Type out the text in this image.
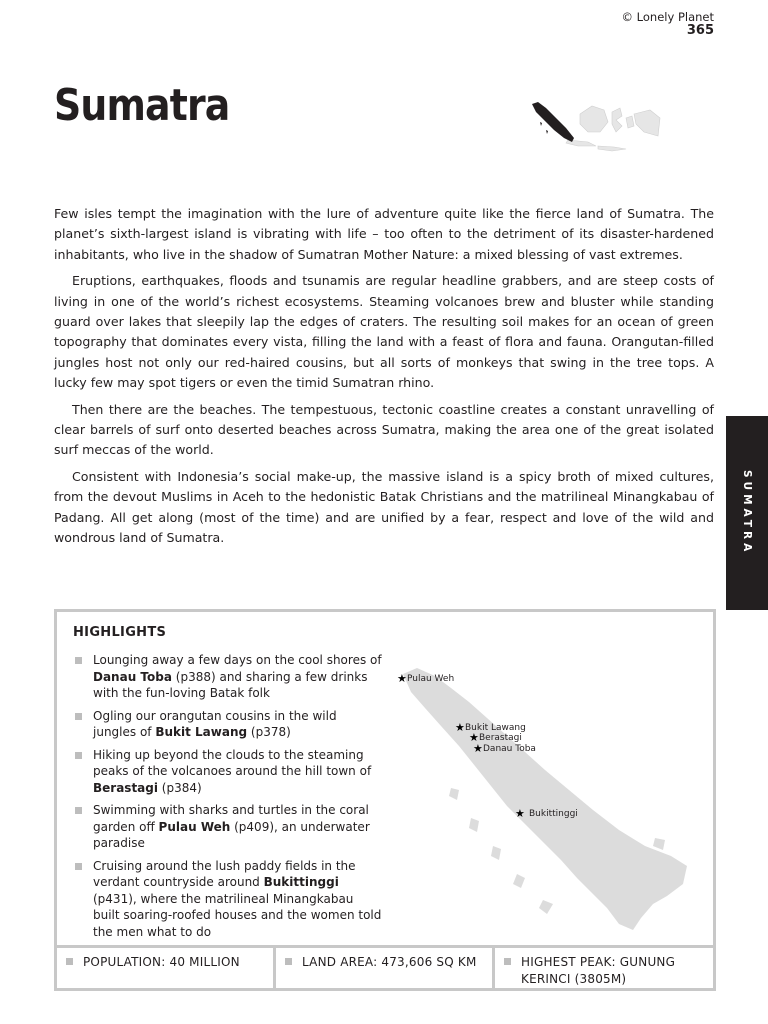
© Lonely Planet
365
Sumatra

Few isles tempt the imagination with the lure of adventure quite like the fierce land of Sumatra. The planet’s sixth-largest island is vibrating with life – too often to the detriment of its disaster-hardened inhabitants, who live in the shadow of Sumatran Mother Nature: a mixed blessing of vast extremes.

Eruptions, earthquakes, floods and tsunamis are regular headline grabbers, and are steep costs of living in one of the world’s richest ecosystems. Steaming volcanoes brew and bluster while standing guard over lakes that sleepily lap the edges of craters. The resulting soil makes for an ocean of green topography that dominates every vista, filling the land with a feast of flora and fauna. Orangutan-filled jungles host not only our red-haired cousins, but all sorts of monkeys that swing in the tree tops. A lucky few may spot tigers or even the timid Sumatran rhino.

Then there are the beaches. The tempestuous, tectonic coastline creates a constant unravelling of clear barrels of surf onto deserted beaches across Sumatra, making the area one of the great isolated surf meccas of the world.

Consistent with Indonesia’s social make-up, the massive island is a spicy broth of mixed cultures, from the devout Muslims in Aceh to the hedonistic Batak Christians and the matrilineal Minangkabau of Padang. All get along (most of the time) and are unified by a fear, respect and love of the wild and wondrous land of Sumatra.	SUMATRA
HIGHLIGHTS
Lounging away a few days on the cool shores of Danau Toba (p388) and sharing a few drinks with the fun-loving Batak folk
Ogling our orangutan cousins in the wild jungles of Bukit Lawang (p378)
Hiking up beyond the clouds to the steaming peaks of the volcanoes around the hill town of Berastagi (p384)
Swimming with sharks and turtles in the coral garden off Pulau Weh (p409), an underwater paradise
Cruising around the lush paddy fields in the verdant countryside around Bukittinggi (p431), where the matrilineal Minangkabau built soaring-roofed houses and the women told the men what to do
★ Pulau Weh
★ Bukit Lawang
★ Berastagi
★ Danau Toba
★ Bukittinggi
POPULATION: 40 MILLION	LAND AREA: 473,606 SQ KM	HIGHEST PEAK: GUNUNG KERINCI (3805M)
